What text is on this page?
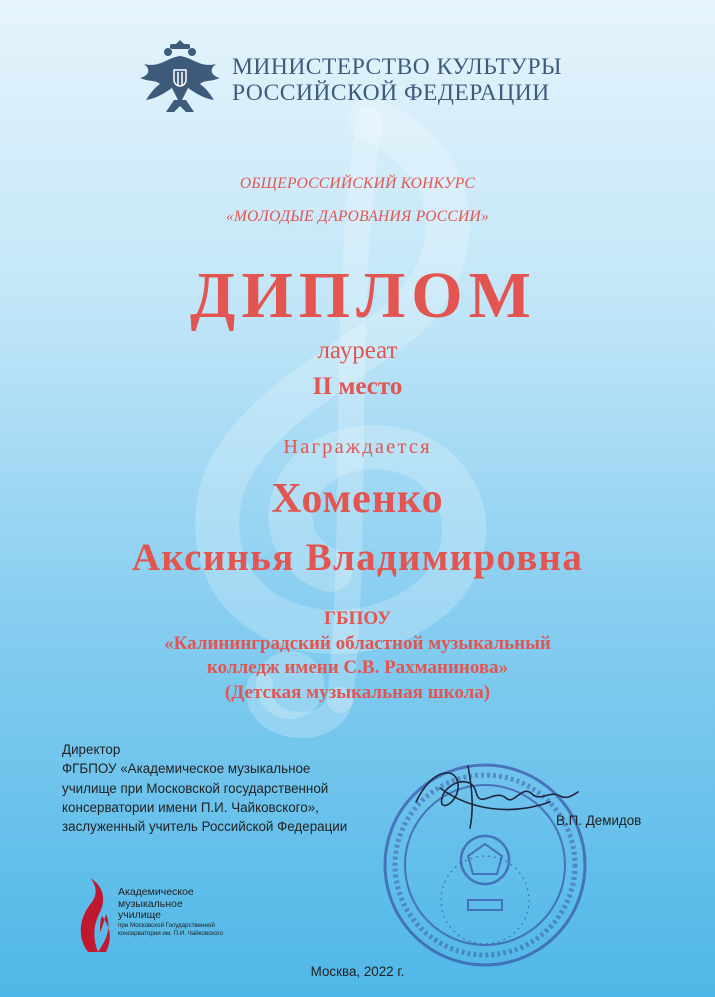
МИНИСТЕРСТВО КУЛЬТУРЫ
РОССИЙСКОЙ ФЕДЕРАЦИИ
ОБЩЕРОССИЙСКИЙ КОНКУРС
«МОЛОДЫЕ ДАРОВАНИЯ РОССИИ»
ДИПЛОМ
лауреат
II место
Награждается
Хоменко
Аксинья Владимировна
ГБПОУ
«Калининградский областной музыкальный
колледж имени С.В. Рахманинова»
(Детская музыкальная школа)
Директор
ФГБПОУ «Академическое музыкальное
училище при Московской государственной
консерватории имени П.И. Чайковского»,
заслуженный учитель Российской Федерации	В.П. Демидов
Академическое
музыкальное
училище
при Московской Государственной
консерватории им. П.И. Чайковского
Москва, 2022 г.
